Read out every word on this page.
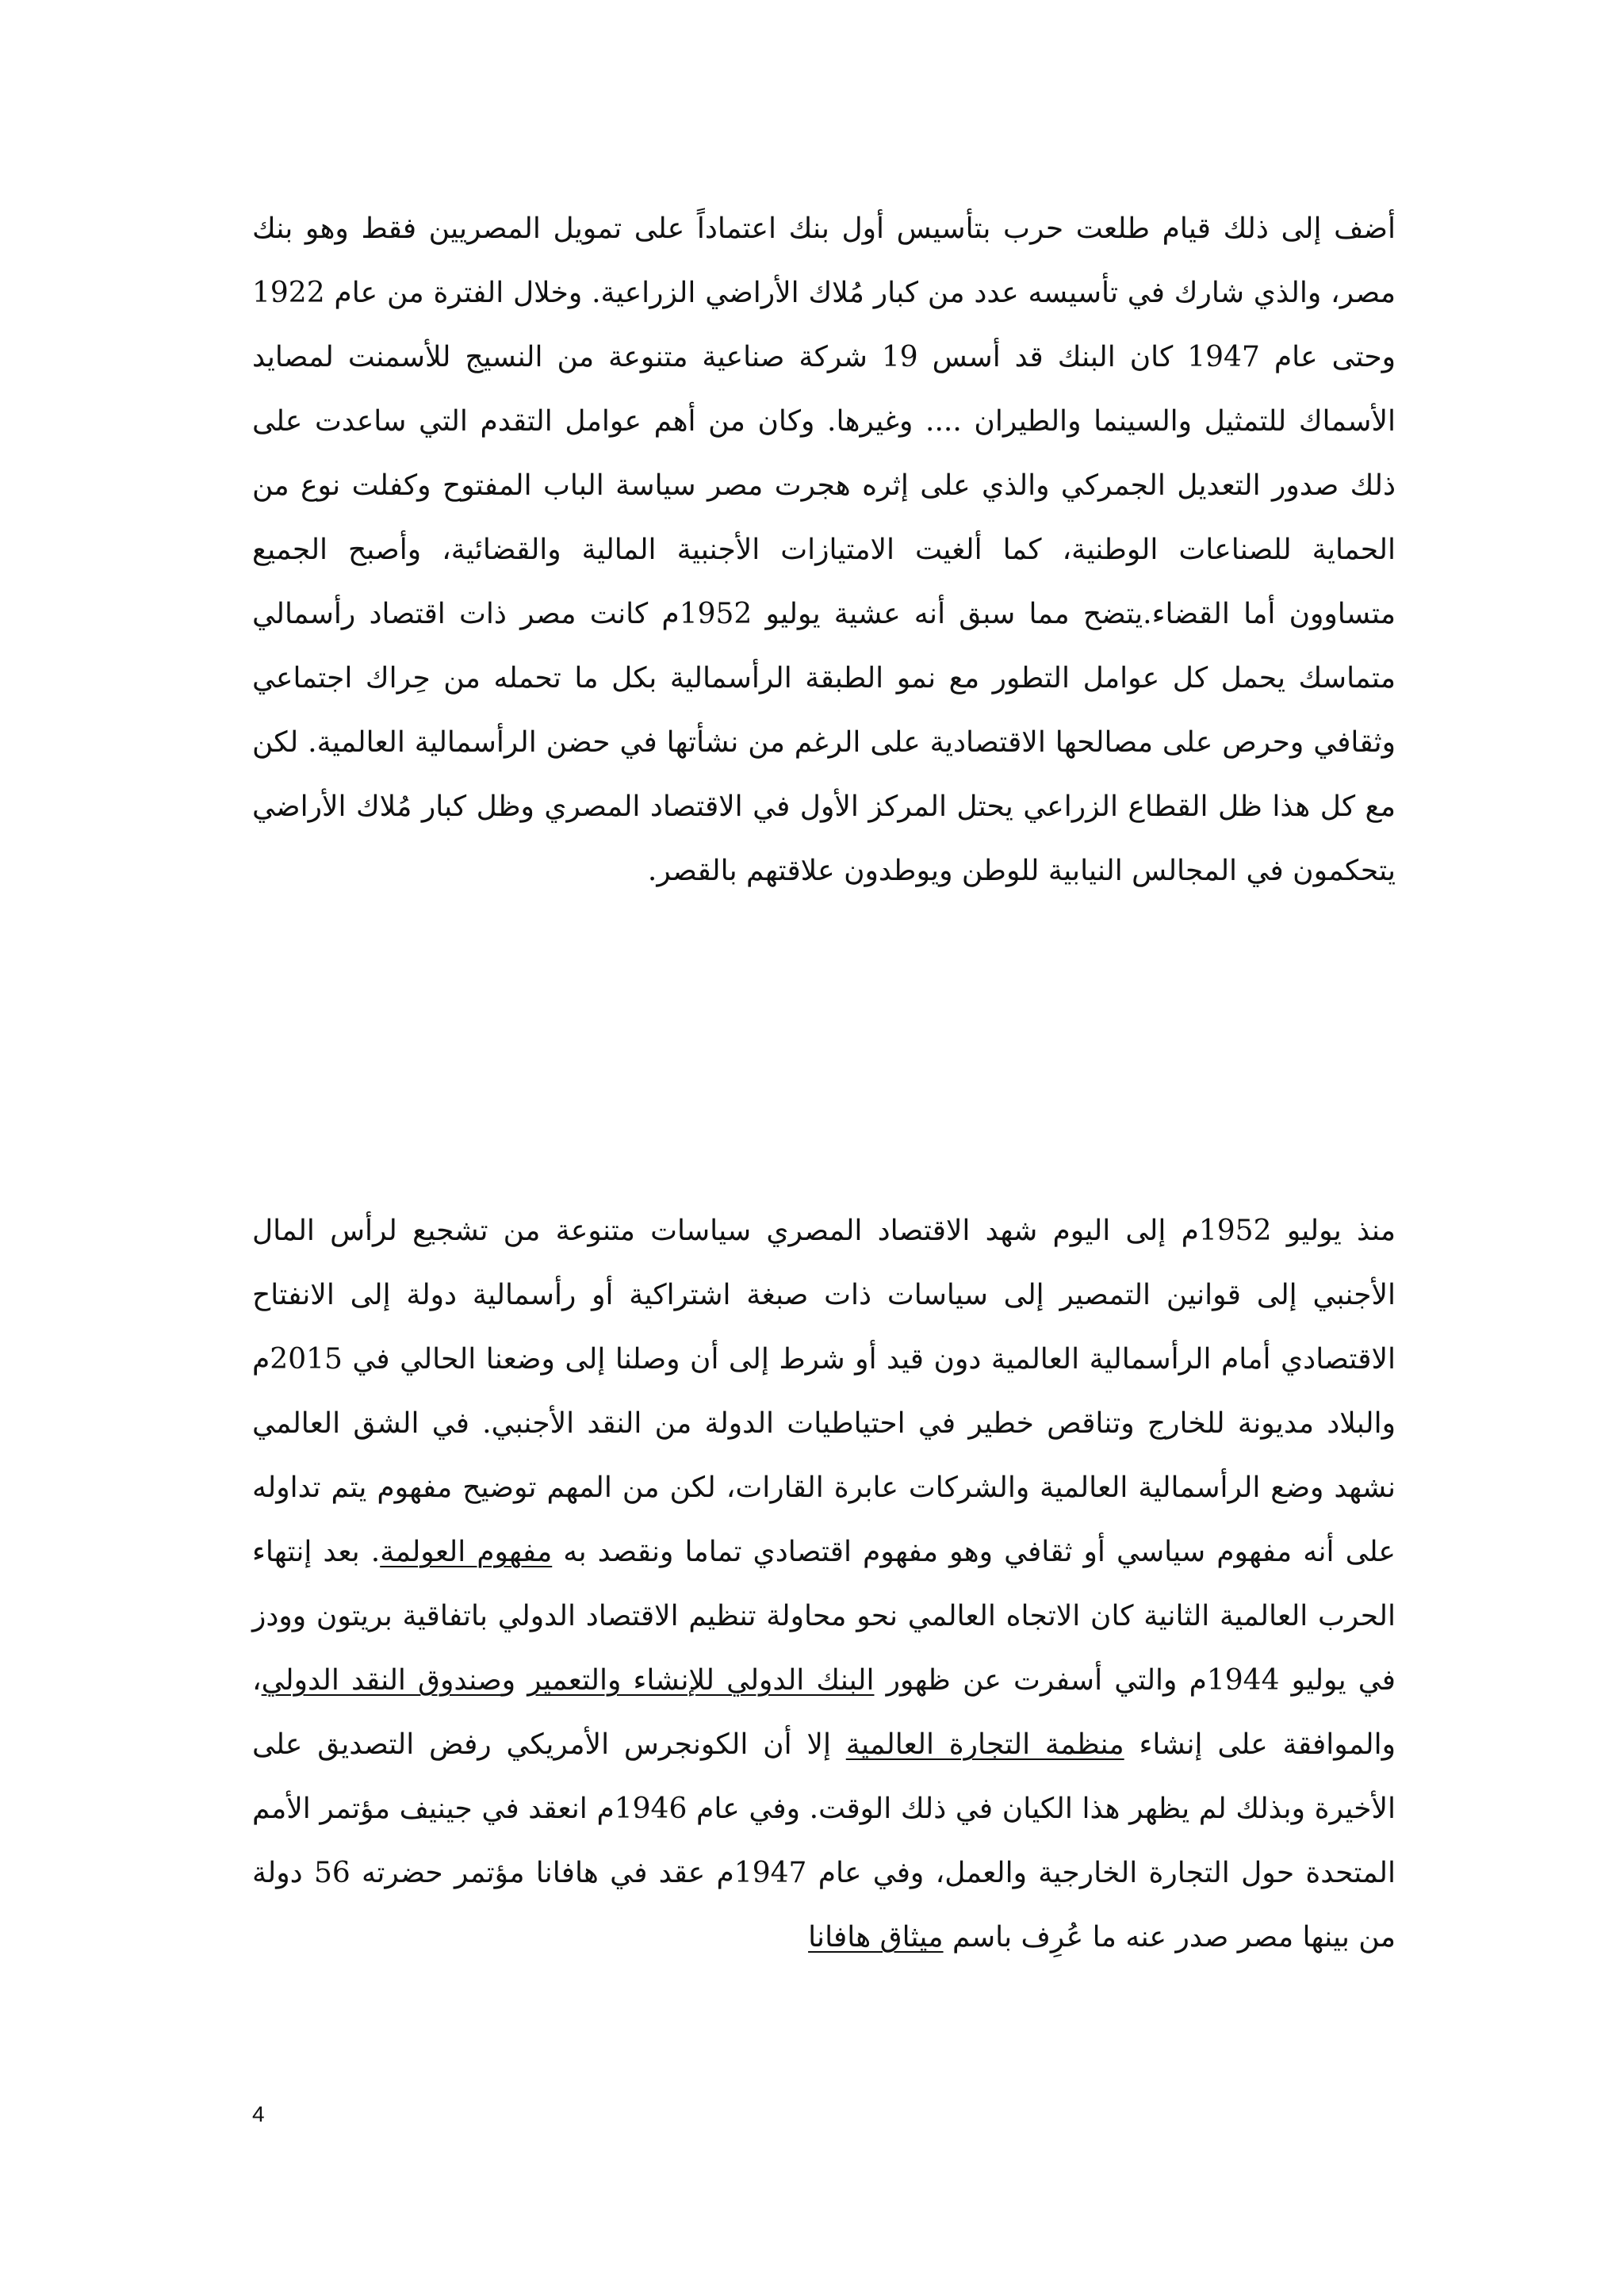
أضف إلى ذلك قيام طلعت حرب بتأسيس أول بنك اعتماداً على تمويل المصريين فقط وهو بنك مصر، والذي شارك في تأسيسه عدد من كبار مُلاك الأراضي الزراعية. وخلال الفترة من عام 1922 وحتى عام 1947 كان البنك قد أسس 19 شركة صناعية متنوعة من النسيج للأسمنت لمصايد الأسماك للتمثيل والسينما والطيران .... وغيرها. وكان من أهم عوامل التقدم التي ساعدت على ذلك صدور التعديل الجمركي والذي على إثره هجرت مصر سياسة الباب المفتوح وكفلت نوع من الحماية للصناعات الوطنية، كما ألغيت الامتيازات الأجنبية المالية والقضائية، وأصبح الجميع متساوون أما القضاء.يتضح مما سبق أنه عشية يوليو 1952م كانت مصر ذات اقتصاد رأسمالي متماسك يحمل كل عوامل التطور مع نمو الطبقة الرأسمالية بكل ما تحمله من حِراك اجتماعي وثقافي وحرص على مصالحها الاقتصادية على الرغم من نشأتها في حضن الرأسمالية العالمية. لكن مع كل هذا ظل القطاع الزراعي يحتل المركز الأول في الاقتصاد المصري وظل كبار مُلاك الأراضي يتحكمون في المجالس النيابية للوطن ويوطدون علاقتهم بالقصر.

منذ يوليو 1952م إلى اليوم شهد الاقتصاد المصري سياسات متنوعة من تشجيع لرأس المال الأجنبي إلى قوانين التمصير إلى سياسات ذات صبغة اشتراكية أو رأسمالية دولة إلى الانفتاح الاقتصادي أمام الرأسمالية العالمية دون قيد أو شرط إلى أن وصلنا إلى وضعنا الحالي في 2015م والبلاد مديونة للخارج وتناقص خطير في احتياطيات الدولة من النقد الأجنبي. في الشق العالمي نشهد وضع الرأسمالية العالمية والشركات عابرة القارات، لكن من المهم توضيح مفهوم يتم تداوله على أنه مفهوم سياسي أو ثقافي وهو مفهوم اقتصادي تماما ونقصد به مفهوم العولمة. بعد إنتهاء الحرب العالمية الثانية كان الاتجاه العالمي نحو محاولة تنظيم الاقتصاد الدولي باتفاقية بريتون وودز في يوليو 1944م والتي أسفرت عن ظهور البنك الدولي للإنشاء والتعمير وصندوق النقد الدولي، والموافقة على إنشاء منظمة التجارة العالمية إلا أن الكونجرس الأمريكي رفض التصديق على الأخيرة وبذلك لم يظهر هذا الكيان في ذلك الوقت. وفي عام 1946م انعقد في جينيف مؤتمر الأمم المتحدة حول التجارة الخارجية والعمل، وفي عام 1947م عقد في هافانا مؤتمر حضرته 56 دولة من بينها مصر صدر عنه ما عُرِف باسم ميثاق هافانا

4
